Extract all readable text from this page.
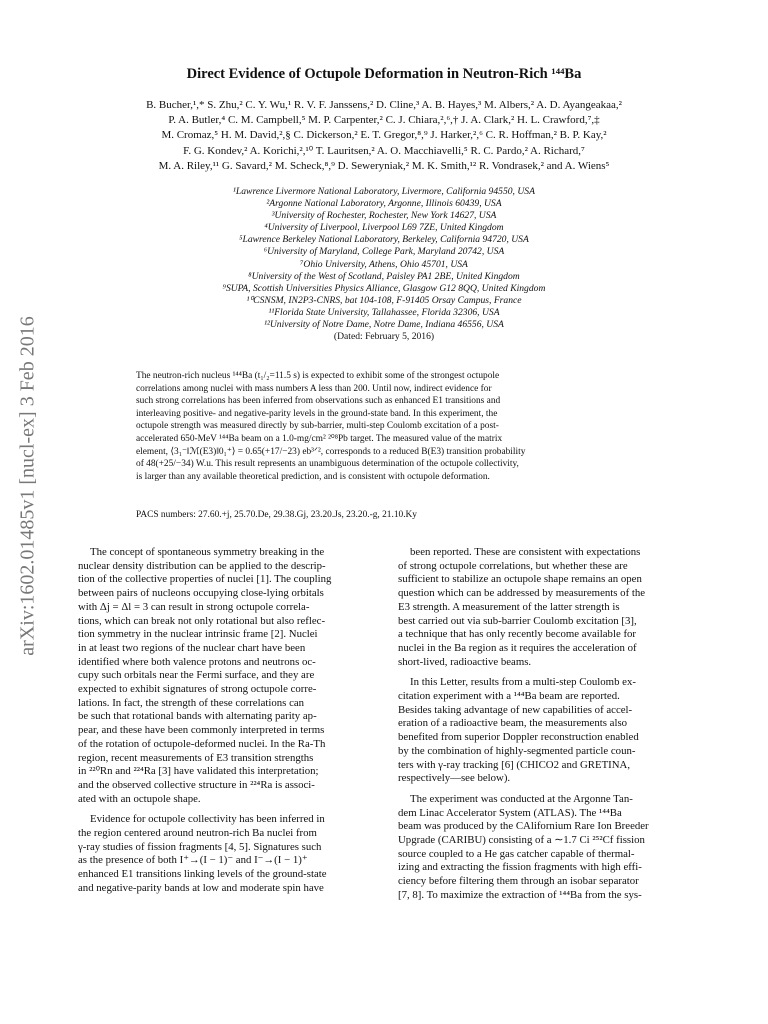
arXiv:1602.01485v1 [nucl-ex] 3 Feb 2016
Direct Evidence of Octupole Deformation in Neutron-Rich ¹⁴⁴Ba
B. Bucher,¹,* S. Zhu,² C. Y. Wu,¹ R. V. F. Janssens,² D. Cline,³ A. B. Hayes,³ M. Albers,² A. D. Ayangeakaa,²
P. A. Butler,⁴ C. M. Campbell,⁵ M. P. Carpenter,² C. J. Chiara,²,⁶,† J. A. Clark,² H. L. Crawford,⁷,‡
M. Cromaz,⁵ H. M. David,²,§ C. Dickerson,² E. T. Gregor,⁸,⁹ J. Harker,²,⁶ C. R. Hoffman,² B. P. Kay,²
F. G. Kondev,² A. Korichi,²,¹⁰ T. Lauritsen,² A. O. Macchiavelli,⁵ R. C. Pardo,² A. Richard,⁷
M. A. Riley,¹¹ G. Savard,² M. Scheck,⁸,⁹ D. Seweryniak,² M. K. Smith,¹² R. Vondrasek,² and A. Wiens⁵
¹Lawrence Livermore National Laboratory, Livermore, California 94550, USA
²Argonne National Laboratory, Argonne, Illinois 60439, USA
³University of Rochester, Rochester, New York 14627, USA
⁴University of Liverpool, Liverpool L69 7ZE, United Kingdom
⁵Lawrence Berkeley National Laboratory, Berkeley, California 94720, USA
⁶University of Maryland, College Park, Maryland 20742, USA
⁷Ohio University, Athens, Ohio 45701, USA
⁸University of the West of Scotland, Paisley PA1 2BE, United Kingdom
⁹SUPA, Scottish Universities Physics Alliance, Glasgow G12 8QQ, United Kingdom
¹⁰CSNSM, IN2P3-CNRS, bat 104-108, F-91405 Orsay Campus, France
¹¹Florida State University, Tallahassee, Florida 32306, USA
¹²University of Notre Dame, Notre Dame, Indiana 46556, USA
(Dated: February 5, 2016)
The neutron-rich nucleus ¹⁴⁴Ba (t₁/₂=11.5 s) is expected to exhibit some of the strongest octupole
correlations among nuclei with mass numbers A less than 200. Until now, indirect evidence for
such strong correlations has been inferred from observations such as enhanced E1 transitions and
interleaving positive- and negative-parity levels in the ground-state band. In this experiment, the
octupole strength was measured directly by sub-barrier, multi-step Coulomb excitation of a post-
accelerated 650-MeV ¹⁴⁴Ba beam on a 1.0-mg/cm² ²⁰⁸Pb target. The measured value of the matrix
element, ⟨3₁⁻‖ℳ(E3)‖0₁⁺⟩ = 0.65(+17/−23) eb³ᐟ², corresponds to a reduced B(E3) transition probability
of 48(+25/−34) W.u. This result represents an unambiguous determination of the octupole collectivity,
is larger than any available theoretical prediction, and is consistent with octupole deformation.
PACS numbers: 27.60.+j, 25.70.De, 29.38.Gj, 23.20.Js, 23.20.-g, 21.10.Ky
The concept of spontaneous symmetry breaking in the
nuclear density distribution can be applied to the descrip-
tion of the collective properties of nuclei [1]. The coupling
between pairs of nucleons occupying close-lying orbitals
with Δj = Δl = 3 can result in strong octupole correla-
tions, which can break not only rotational but also reflec-
tion symmetry in the nuclear intrinsic frame [2]. Nuclei
in at least two regions of the nuclear chart have been
identified where both valence protons and neutrons oc-
cupy such orbitals near the Fermi surface, and they are
expected to exhibit signatures of strong octupole corre-
lations. In fact, the strength of these correlations can
be such that rotational bands with alternating parity ap-
pear, and these have been commonly interpreted in terms
of the rotation of octupole-deformed nuclei. In the Ra-Th
region, recent measurements of E3 transition strengths
in ²²⁰Rn and ²²⁴Ra [3] have validated this interpretation;
and the observed collective structure in ²²⁴Ra is associ-
ated with an octupole shape.
Evidence for octupole collectivity has been inferred in
the region centered around neutron-rich Ba nuclei from
γ-ray studies of fission fragments [4, 5]. Signatures such
as the presence of both I⁺→(I − 1)⁻ and I⁻→(I − 1)⁺
enhanced E1 transitions linking levels of the ground-state
and negative-parity bands at low and moderate spin have
been reported. These are consistent with expectations
of strong octupole correlations, but whether these are
sufficient to stabilize an octupole shape remains an open
question which can be addressed by measurements of the
E3 strength. A measurement of the latter strength is
best carried out via sub-barrier Coulomb excitation [3],
a technique that has only recently become available for
nuclei in the Ba region as it requires the acceleration of
short-lived, radioactive beams.
In this Letter, results from a multi-step Coulomb ex-
citation experiment with a ¹⁴⁴Ba beam are reported.
Besides taking advantage of new capabilities of accel-
eration of a radioactive beam, the measurements also
benefited from superior Doppler reconstruction enabled
by the combination of highly-segmented particle coun-
ters with γ-ray tracking [6] (CHICO2 and GRETINA,
respectively—see below).
The experiment was conducted at the Argonne Tan-
dem Linac Accelerator System (ATLAS). The ¹⁴⁴Ba
beam was produced by the CAlifornium Rare Ion Breeder
Upgrade (CARIBU) consisting of a ∼1.7 Ci ²⁵²Cf fission
source coupled to a He gas catcher capable of thermal-
izing and extracting the fission fragments with high effi-
ciency before filtering them through an isobar separator
[7, 8]. To maximize the extraction of ¹⁴⁴Ba from the sys-
